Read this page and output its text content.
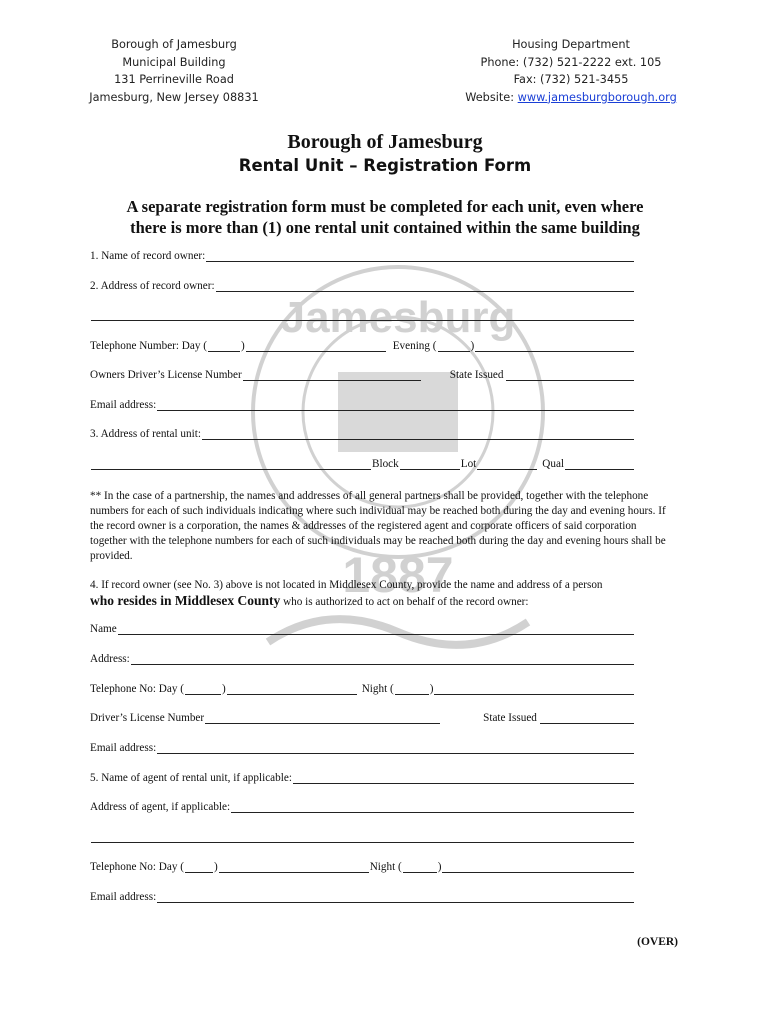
Borough of Jamesburg
Municipal Building
131 Perrineville Road
Jamesburg, New Jersey 08831
Housing Department
Phone: (732) 521-2222 ext. 105
Fax: (732) 521-3455
Website: www.jamesburgborough.org
Borough of Jamesburg
Rental Unit – Registration Form
A separate registration form must be completed for each unit, even where
there is more than (1) one rental unit contained within the same building
Jamesburg
1887
1. Name of record owner:
2. Address of record owner:
Telephone Number: Day (	)	Evening (	)
Owners Driver’s License Number	State Issued
Email address:
3. Address of rental unit:
Block	Lot	Qual
** In the case of a partnership, the names and addresses of all general partners shall be provided, together with the telephone numbers for each of such individuals indicating where such individual may be reached both during the day and evening hours. If the record owner is a corporation, the names & addresses of the registered agent and corporate officers of said corporation together with the telephone numbers for each of such individuals may be reached both during the day and evening hours shall be provided.
4. If record owner (see No. 3) above is not located in Middlesex County, provide the name and address of a person
who resides in Middlesex County who is authorized to act on behalf of the record owner:
Name
Address:
Telephone No: Day (	)	Night (	)
Driver’s License Number	State Issued
Email address:
5. Name of agent of rental unit, if applicable:
Address of agent, if applicable:
Telephone No: Day (	)	Night (	)
Email address:
(OVER)
